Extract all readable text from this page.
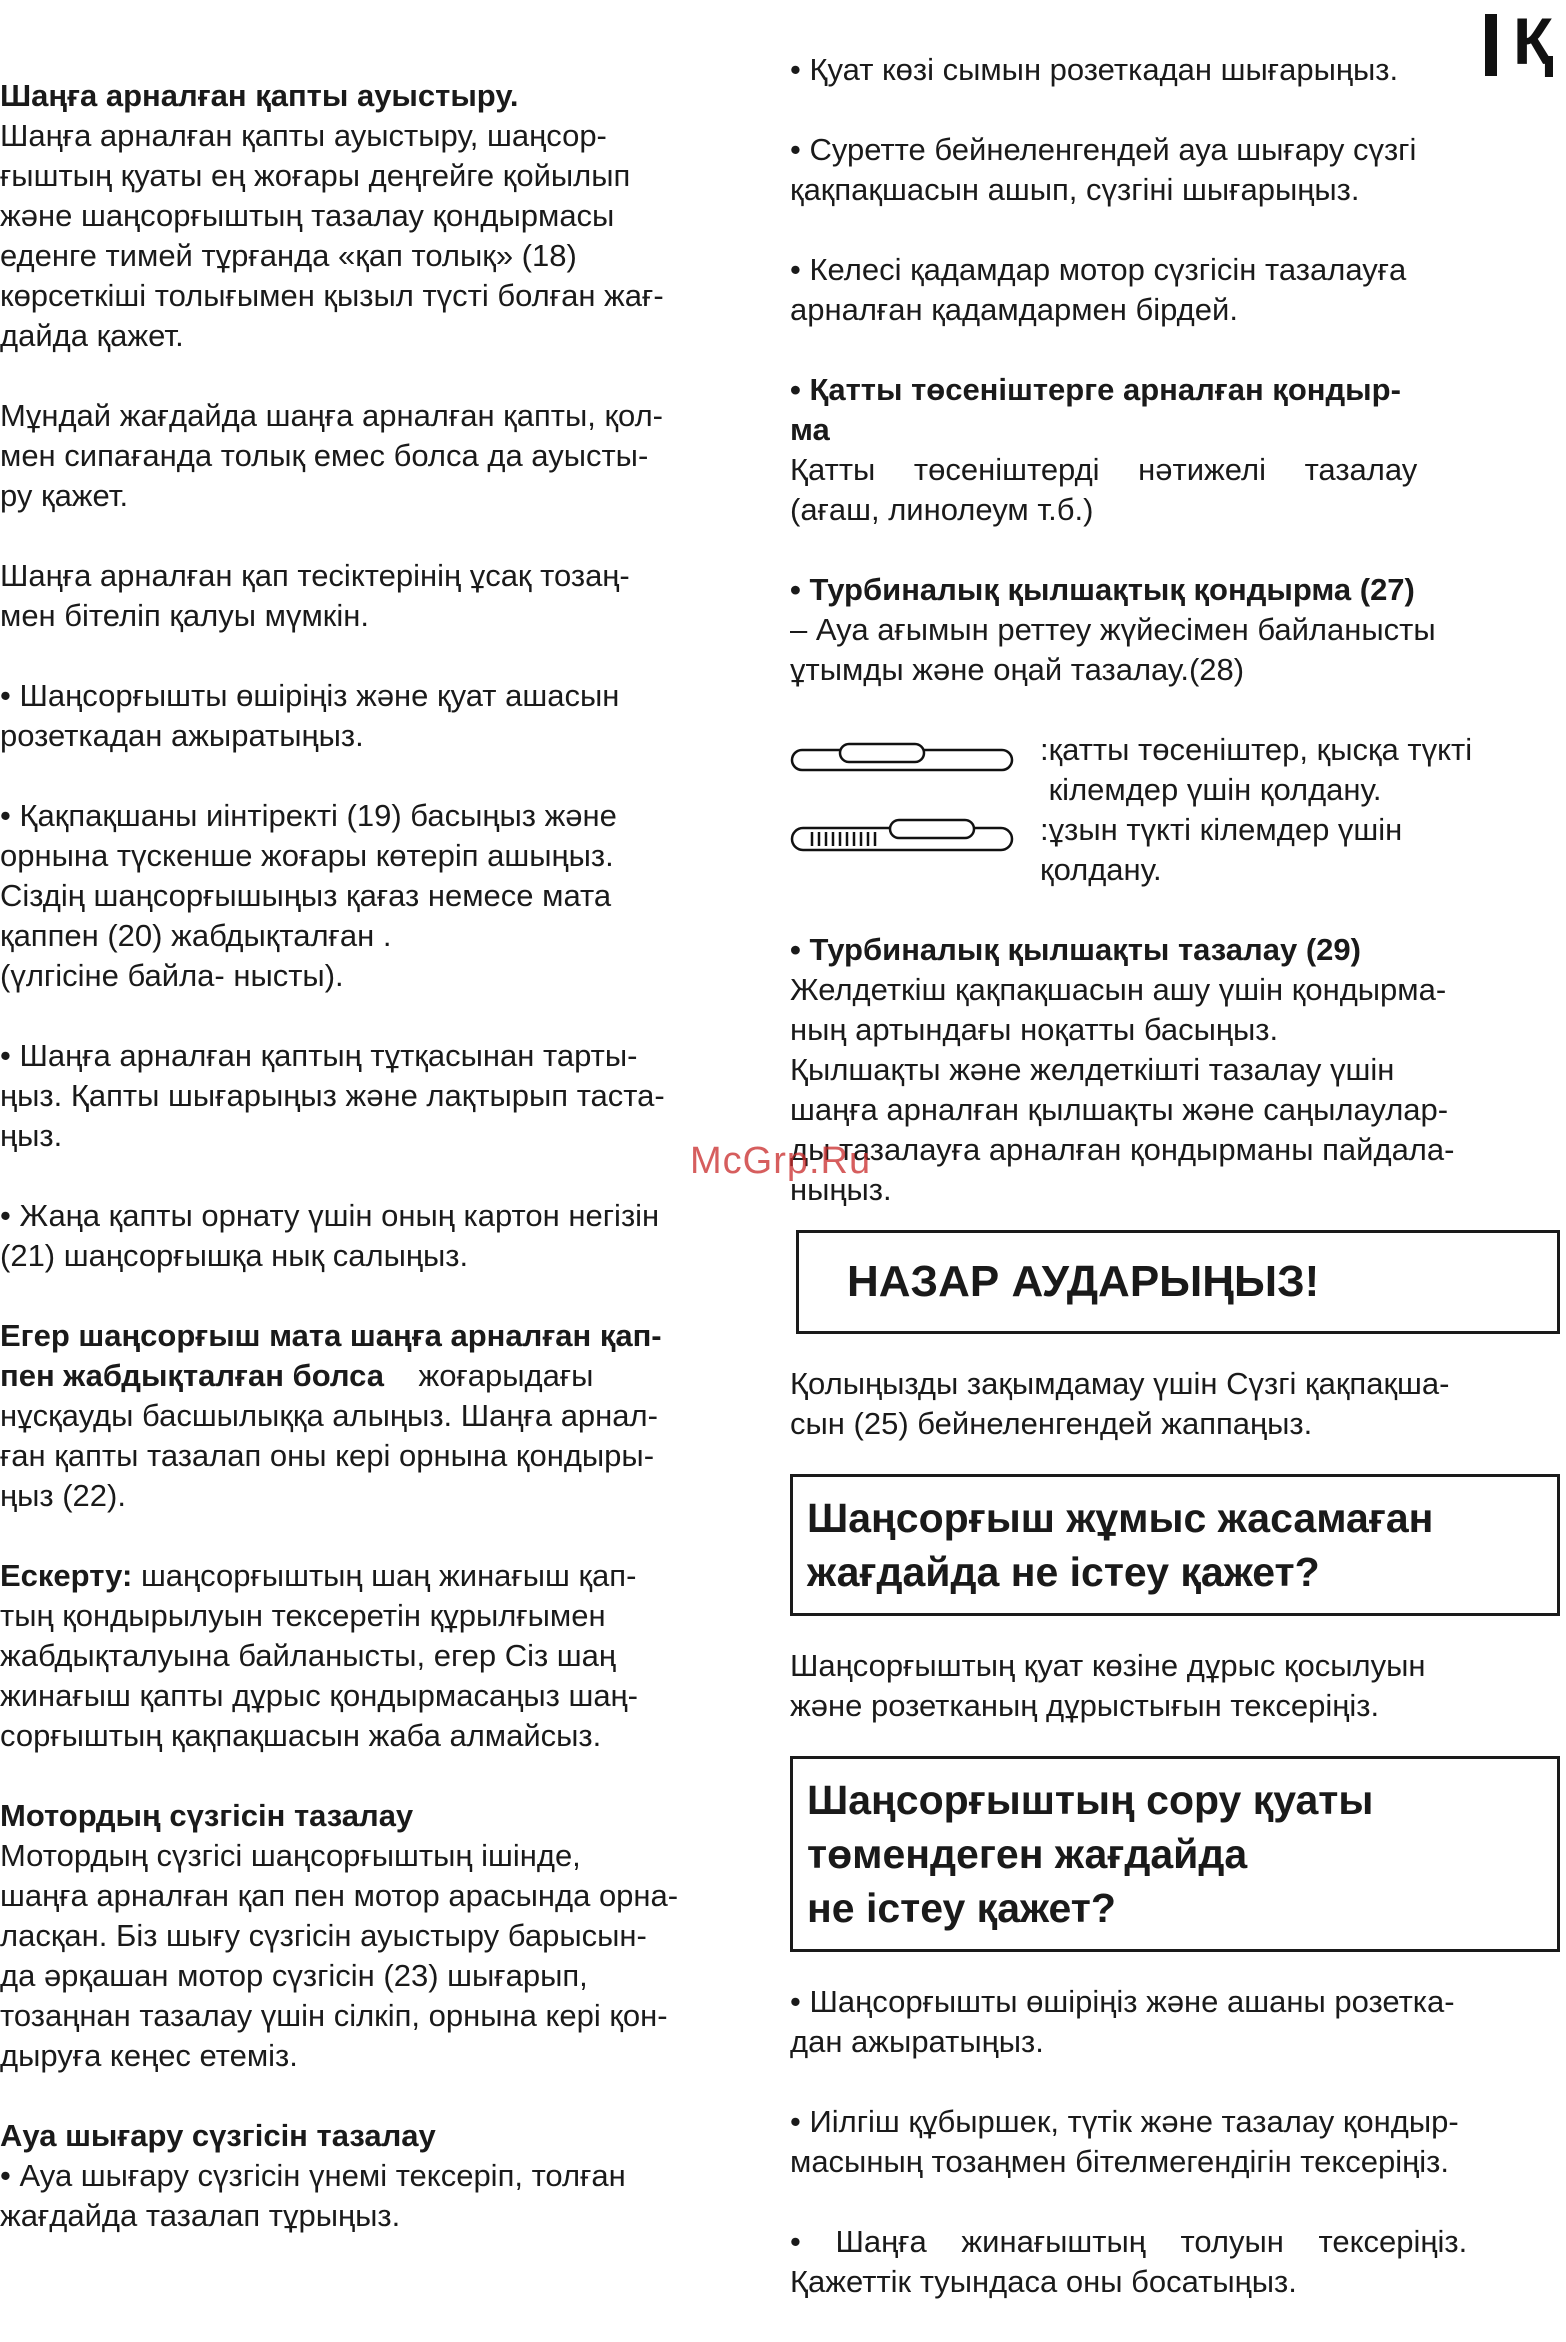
Қ
Шаңға арналған қапты ауыстыру.
Шаңға арналған қапты ауыстыру, шаңсор-
ғыштың қуаты ең жоғары деңгейге қойылып
және шаңсорғыштың тазалау қондырмасы
еденге тимей тұрғанда «қап толық» (18)
көрсеткіші толығымен қызыл түсті болған жағ-
дайда қажет.
Мұндай жағдайда шаңға арналған қапты, қол-
мен сипағанда толық емес болса да ауысты-
ру қажет.
Шаңға арналған қап тесіктерінің ұсақ тозаң-
мен бітеліп қалуы мүмкін.
• Шаңсорғышты өшіріңіз және қуат ашасын
розеткадан ажыратыңыз.
• Қақпақшаны иінтіректі (19) басыңыз және
орнына түскенше жоғары көтеріп ашыңыз.
Сіздің шаңсорғышыңыз қағаз немесе мата
қаппен (20) жабдықталған .
(үлгісіне байла- нысты).
• Шаңға арналған қаптың тұтқасынан тарты-
ңыз. Қапты шығарыңыз және лақтырып таста-
ңыз.
• Жаңа қапты орнату үшін оның картон негізін
(21) шаңсорғышқа нық салыңыз.
Егер шаңсорғыш мата шаңға арналған қап-
пен жабдықталған болса жоғарыдағы
нұсқауды басшылыққа алыңыз. Шаңға арнал-
ған қапты тазалап оны кері орнына қондыры-
ңыз (22).
Ескерту: шаңсорғыштың шаң жинағыш қап-
тың қондырылуын тексеретін құрылғымен
жабдықталуына байланысты, егер Сіз шаң
жинағыш қапты дұрыс қондырмасаңыз шаң-
сорғыштың қақпақшасын жаба алмайсыз.
Мотордың сүзгісін тазалау
Мотордың сүзгісі шаңсорғыштың ішінде,
шаңға арналған қап пен мотор арасында орна-
ласқан. Біз шығу сүзгісін ауыстыру барысын-
да әрқашан мотор сүзгісін (23) шығарып,
тозаңнан тазалау үшін сілкіп, орнына кері қон-
дыруға кеңес етеміз.
Ауа шығару сүзгісін тазалау
• Ауа шығару сүзгісін үнемі тексеріп, толған
жағдайда тазалап тұрыңыз.
• Қуат көзі сымын розеткадан шығарыңыз.
• Суретте бейнеленгендей ауа шығару сүзгі
қақпақшасын ашып, сүзгіні шығарыңыз.
• Келесі қадамдар мотор сүзгісін тазалауға
арналған қадамдармен бірдей.
• Қатты төсеніштерге арналған қондыр-
ма
Қатты төсеніштерді нәтижелі тазалау
(ағаш, линолеум т.б.)
• Турбиналық қылшақтық қондырма (27)
– Ауа ағымын реттеу жүйесімен байланысты
ұтымды және оңай тазалау.(28)
:қатты төсеніштер, қысқа түкті
кілемдер үшін қолдану.
:ұзын түкті кілемдер үшін
қолдану.
• Турбиналық қылшақты тазалау (29)
Желдеткіш қақпақшасын ашу үшін қондырма-
ның артындағы ноқатты басыңыз.
Қылшақты және желдеткішті тазалау үшін
шаңға арналған қылшақты және саңылаулар-
ды тазалауға арналған қондырманы пайдала-
ныңыз.
НАЗАР АУДАРЫҢЫЗ!
Қолыңызды зақымдамау үшін Сүзгі қақпақша-
сын (25) бейнеленгендей жаппаңыз.
Шаңсорғыш жұмыс жасамаған
жағдайда не істеу қажет?
Шаңсорғыштың қуат көзіне дұрыс қосылуын
және розетканың дұрыстығын тексеріңіз.
Шаңсорғыштың сору қуаты
төмендеген жағдайда
не істеу қажет?
• Шаңсорғышты өшіріңіз және ашаны розетка-
дан ажыратыңыз.
• Иілгіш құбыршек, түтік және тазалау қондыр-
масының тозаңмен бітелмегендігін тексеріңіз.
• Шаңға жинағыштың толуын тексеріңіз.
Қажеттік туындаса оны босатыңыз.
McGrp.Ru
